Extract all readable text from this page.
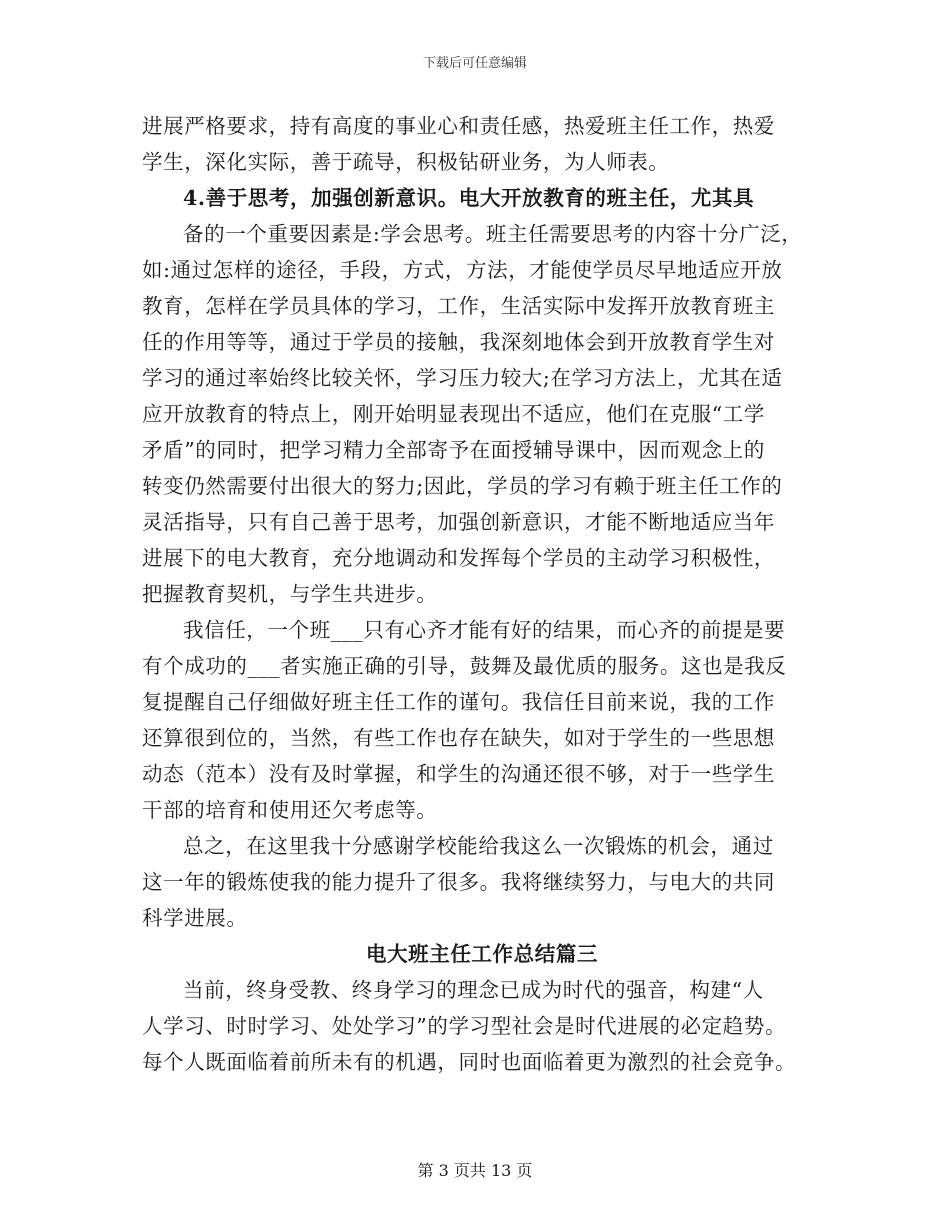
下载后可任意编辑
进展严格要求，持有高度的事业心和责任感，热爱班主任工作，热爱
学生，深化实际，善于疏导，积极钻研业务，为人师表。
4.善于思考，加强创新意识。电大开放教育的班主任，尤其具
备的一个重要因素是:学会思考。班主任需要思考的内容十分广泛，
如:通过怎样的途径，手段，方式，方法，才能使学员尽早地适应开放
教育，怎样在学员具体的学习，工作，生活实际中发挥开放教育班主
任的作用等等，通过于学员的接触，我深刻地体会到开放教育学生对
学习的通过率始终比较关怀，学习压力较大;在学习方法上，尤其在适
应开放教育的特点上，刚开始明显表现出不适应，他们在克服“工学
矛盾”的同时，把学习精力全部寄予在面授辅导课中，因而观念上的
转变仍然需要付出很大的努力;因此，学员的学习有赖于班主任工作的
灵活指导，只有自己善于思考，加强创新意识，才能不断地适应当年
进展下的电大教育，充分地调动和发挥每个学员的主动学习积极性，
把握教育契机，与学生共进步。
我信任，一个班___只有心齐才能有好的结果，而心齐的前提是要
有个成功的___者实施正确的引导，鼓舞及最优质的服务。这也是我反
复提醒自己仔细做好班主任工作的谨句。我信任目前来说，我的工作
还算很到位的，当然，有些工作也存在缺失，如对于学生的一些思想
动态（范本）没有及时掌握，和学生的沟通还很不够，对于一些学生
干部的培育和使用还欠考虑等。
总之，在这里我十分感谢学校能给我这么一次锻炼的机会，通过
这一年的锻炼使我的能力提升了很多。我将继续努力，与电大的共同
科学进展。
电大班主任工作总结篇三
当前，终身受教、终身学习的理念已成为时代的强音，构建“人
人学习、时时学习、处处学习”的学习型社会是时代进展的必定趋势。
每个人既面临着前所未有的机遇，同时也面临着更为激烈的社会竞争。
第 3 页共 13 页
